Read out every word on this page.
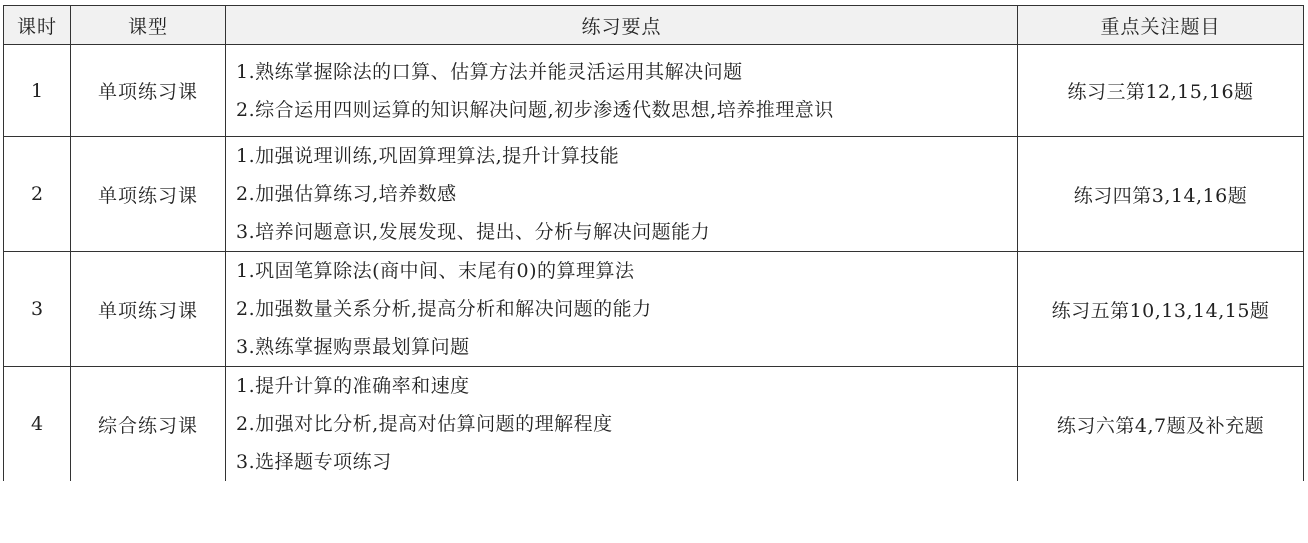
课时	课型	练习要点	重点关注题目
1	单项练习课	1.熟练掌握除法的口算、估算方法并能灵活运用其解决问题
2.综合运用四则运算的知识解决问题,初步渗透代数思想,培养推理意识	练习三第12,15,16题
2	单项练习课	1.加强说理训练,巩固算理算法,提升计算技能
2.加强估算练习,培养数感
3.培养问题意识,发展发现、提出、分析与解决问题能力	练习四第3,14,16题
3	单项练习课	1.巩固笔算除法(商中间、末尾有0)的算理算法
2.加强数量关系分析,提高分析和解决问题的能力
3.熟练掌握购票最划算问题	练习五第10,13,14,15题
4	综合练习课	1.提升计算的准确率和速度
2.加强对比分析,提高对估算问题的理解程度
3.选择题专项练习	练习六第4,7题及补充题
